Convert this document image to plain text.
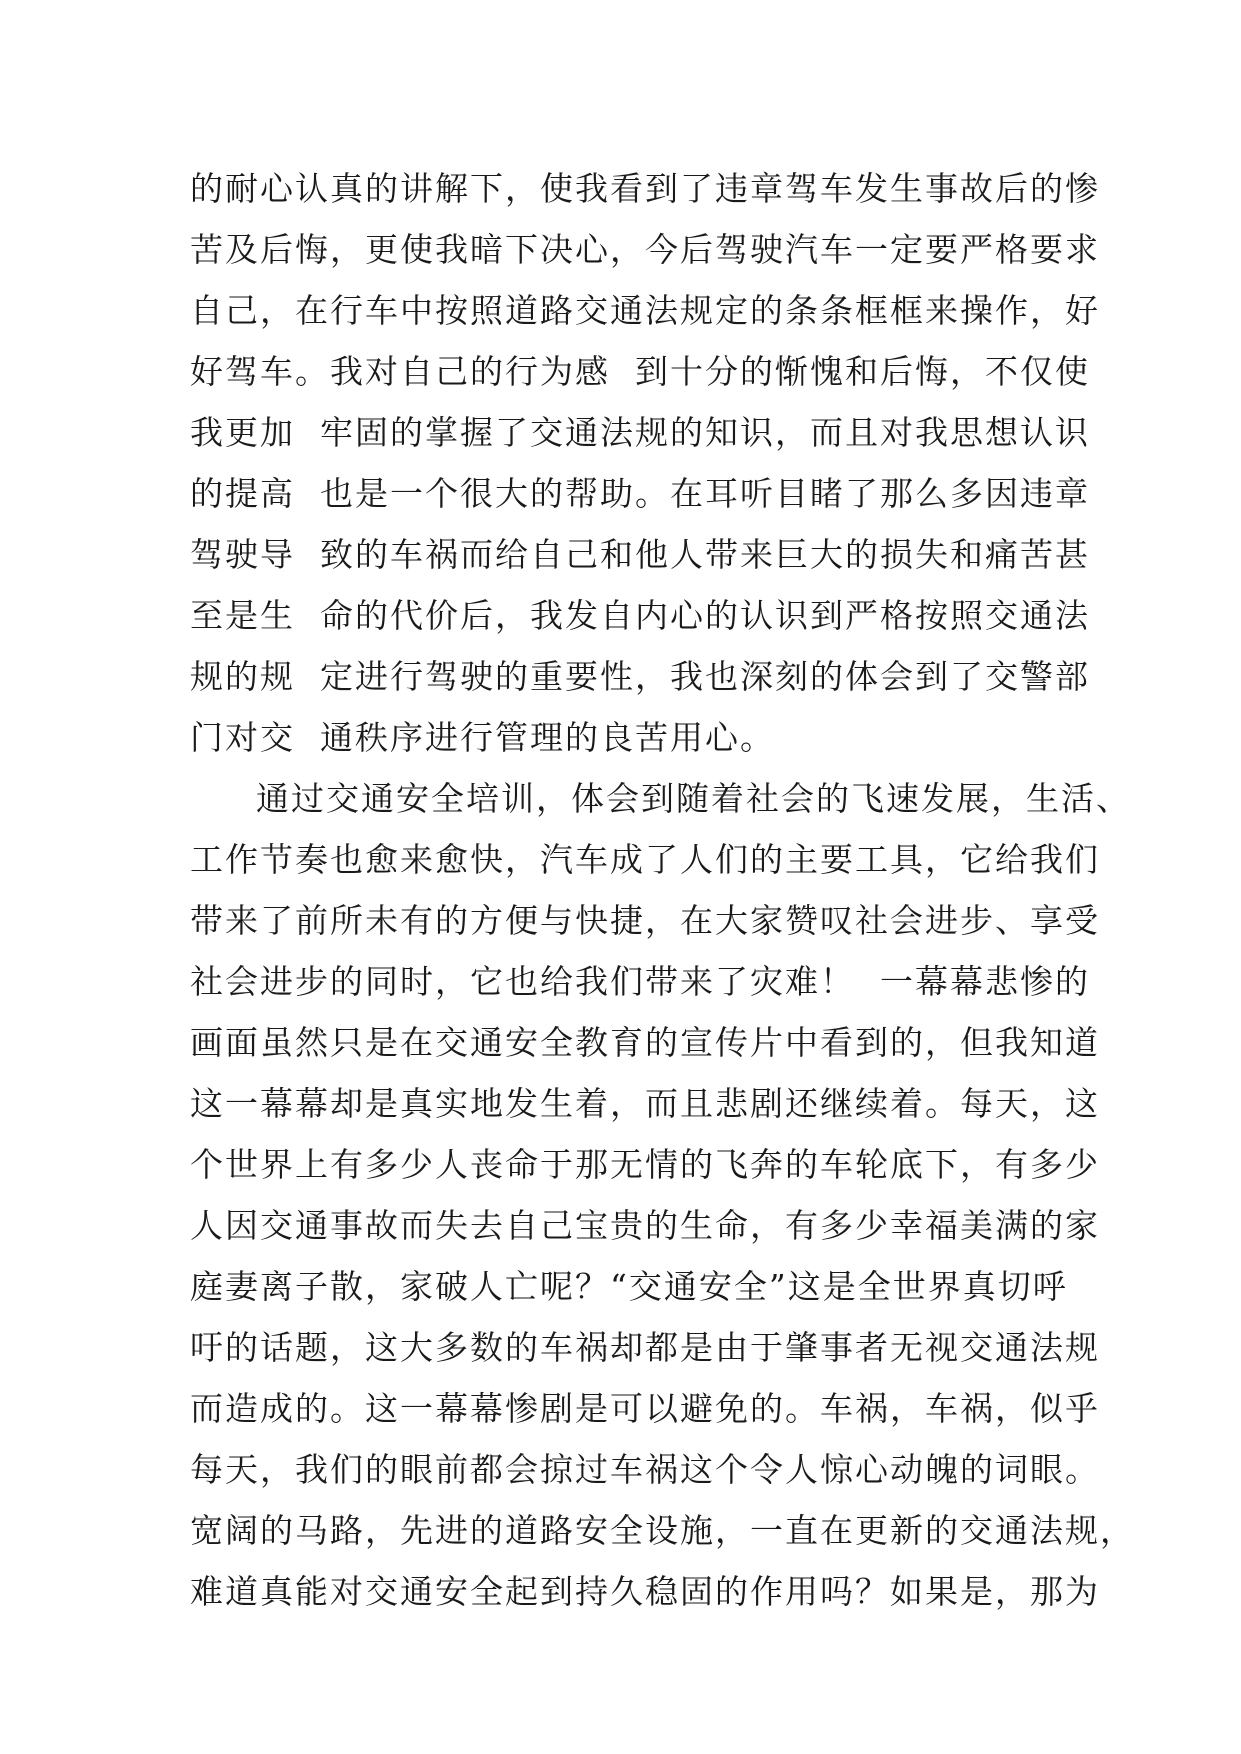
的耐心认真的讲解下，使我看到了违章驾车发生事故后的惨
苦及后悔，更使我暗下决心，今后驾驶汽车一定要严格要求
自己，在行车中按照道路交通法规定的条条框框来操作，好
好驾车。我对自己的行为感  到十分的惭愧和后悔，不仅使
我更加  牢固的掌握了交通法规的知识，而且对我思想认识
的提高  也是一个很大的帮助。在耳听目睹了那么多因违章
驾驶导  致的车祸而给自己和他人带来巨大的损失和痛苦甚
至是生  命的代价后，我发自内心的认识到严格按照交通法
规的规  定进行驾驶的重要性，我也深刻的体会到了交警部
门对交  通秩序进行管理的良苦用心。
通过交通安全培训，体会到随着社会的飞速发展，生活、
工作节奏也愈来愈快，汽车成了人们的主要工具，它给我们
带来了前所未有的方便与快捷，在大家赞叹社会进步、享受
社会进步的同时，它也给我们带来了灾难！  一幕幕悲惨的
画面虽然只是在交通安全教育的宣传片中看到的，但我知道
这一幕幕却是真实地发生着，而且悲剧还继续着。每天，这
个世界上有多少人丧命于那无情的飞奔的车轮底下，有多少
人因交通事故而失去自己宝贵的生命，有多少幸福美满的家
庭妻离子散，家破人亡呢？“交通安全”这是全世界真切呼
吁的话题，这大多数的车祸却都是由于肇事者无视交通法规
而造成的。这一幕幕惨剧是可以避免的。车祸，车祸，似乎
每天，我们的眼前都会掠过车祸这个令人惊心动魄的词眼。
宽阔的马路，先进的道路安全设施，一直在更新的交通法规，
难道真能对交通安全起到持久稳固的作用吗？如果是，那为
